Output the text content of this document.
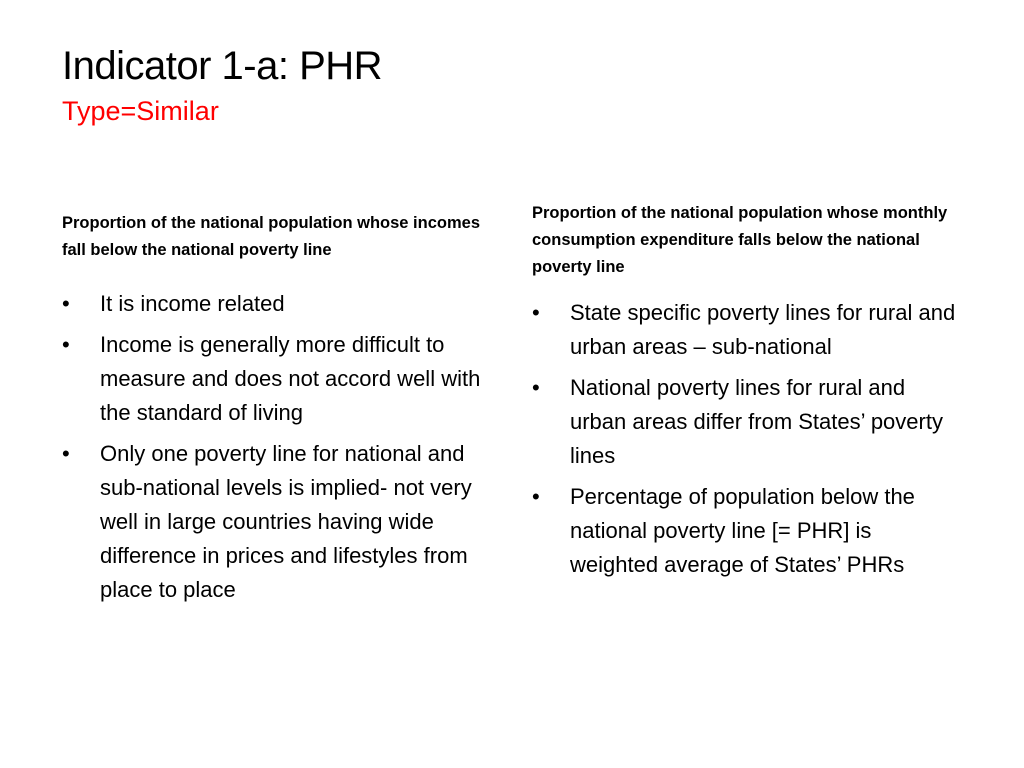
Indicator 1-a: PHR
Type=Similar

Proportion of the national population whose incomes fall below the national poverty line

•	It is income related
•	Income is generally more difficult to measure and does not accord well with the standard of living
•	Only one poverty line for national and sub-national levels is implied- not very well in large countries having wide difference in prices and lifestyles from place to place

Proportion of the national population whose monthly consumption expenditure falls below the national poverty line

•	State specific poverty lines for rural and urban areas – sub-national
•	National poverty lines for rural and urban areas differ from States’ poverty lines
•	Percentage of population below the national poverty line [= PHR] is weighted average of States’ PHRs
